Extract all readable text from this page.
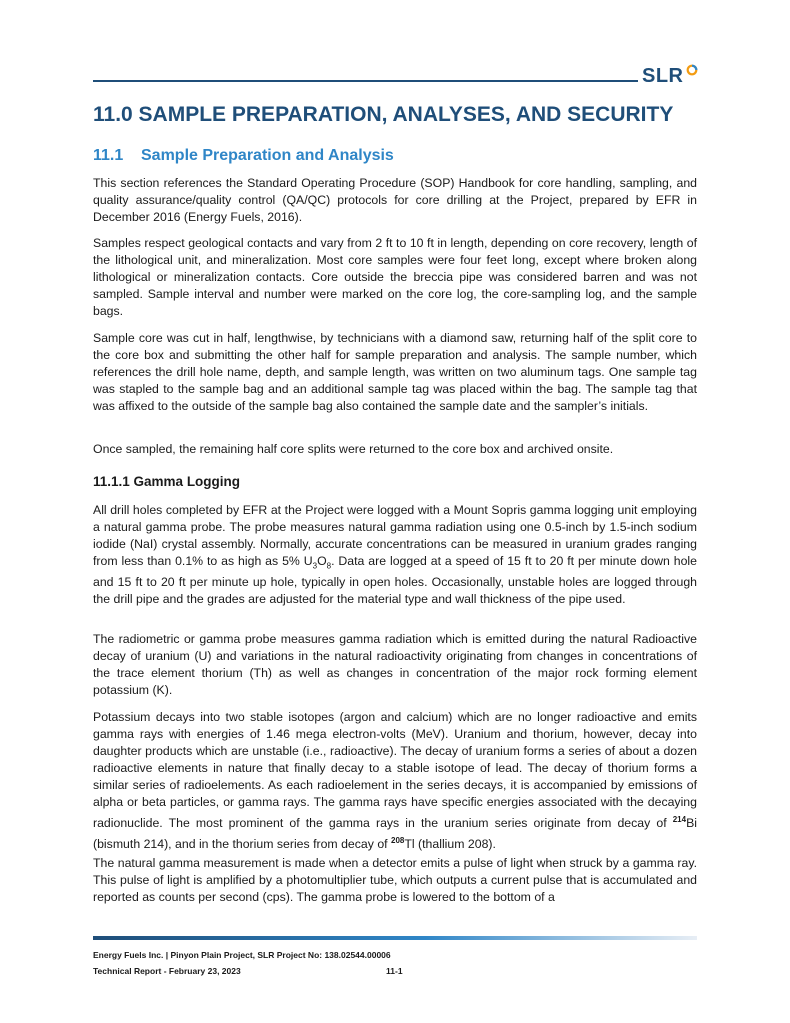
SLR
11.0 SAMPLE PREPARATION, ANALYSES, AND SECURITY
11.1 Sample Preparation and Analysis

This section references the Standard Operating Procedure (SOP) Handbook for core handling, sampling, and quality assurance/quality control (QA/QC) protocols for core drilling at the Project, prepared by EFR in December 2016 (Energy Fuels, 2016).

Samples respect geological contacts and vary from 2 ft to 10 ft in length, depending on core recovery, length of the lithological unit, and mineralization. Most core samples were four feet long, except where broken along lithological or mineralization contacts. Core outside the breccia pipe was considered barren and was not sampled. Sample interval and number were marked on the core log, the core-sampling log, and the sample bags.

Sample core was cut in half, lengthwise, by technicians with a diamond saw, returning half of the split core to the core box and submitting the other half for sample preparation and analysis. The sample number, which references the drill hole name, depth, and sample length, was written on two aluminum tags. One sample tag was stapled to the sample bag and an additional sample tag was placed within the bag. The sample tag that was affixed to the outside of the sample bag also contained the sample date and the sampler’s initials.

Once sampled, the remaining half core splits were returned to the core box and archived onsite.

11.1.1 Gamma Logging

All drill holes completed by EFR at the Project were logged with a Mount Sopris gamma logging unit employing a natural gamma probe. The probe measures natural gamma radiation using one 0.5-inch by 1.5-inch sodium iodide (NaI) crystal assembly. Normally, accurate concentrations can be measured in uranium grades ranging from less than 0.1% to as high as 5% $U_3O_8$. Data are logged at a speed of 15 ft to 20 ft per minute down hole and 15 ft to 20 ft per minute up hole, typically in open holes. Occasionally, unstable holes are logged through the drill pipe and the grades are adjusted for the material type and wall thickness of the pipe used.

The radiometric or gamma probe measures gamma radiation which is emitted during the natural Radioactive decay of uranium (U) and variations in the natural radioactivity originating from changes in concentrations of the trace element thorium (Th) as well as changes in concentration of the major rock forming element potassium (K).

Potassium decays into two stable isotopes (argon and calcium) which are no longer radioactive and emits gamma rays with energies of 1.46 mega electron-volts (MeV). Uranium and thorium, however, decay into daughter products which are unstable (i.e., radioactive). The decay of uranium forms a series of about a dozen radioactive elements in nature that finally decay to a stable isotope of lead. The decay of thorium forms a similar series of radioelements. As each radioelement in the series decays, it is accompanied by emissions of alpha or beta particles, or gamma rays. The gamma rays have specific energies associated with the decaying radionuclide. The most prominent of the gamma rays in the uranium series originate from decay of $^{214}$Bi (bismuth 214), and in the thorium series from decay of $^{208}$Tl (thallium 208).

The natural gamma measurement is made when a detector emits a pulse of light when struck by a gamma ray. This pulse of light is amplified by a photomultiplier tube, which outputs a current pulse that is accumulated and reported as counts per second (cps). The gamma probe is lowered to the bottom of a

Energy Fuels Inc. | Pinyon Plain Project, SLR Project No: 138.02544.00006
Technical Report - February 23, 2023	11-1
